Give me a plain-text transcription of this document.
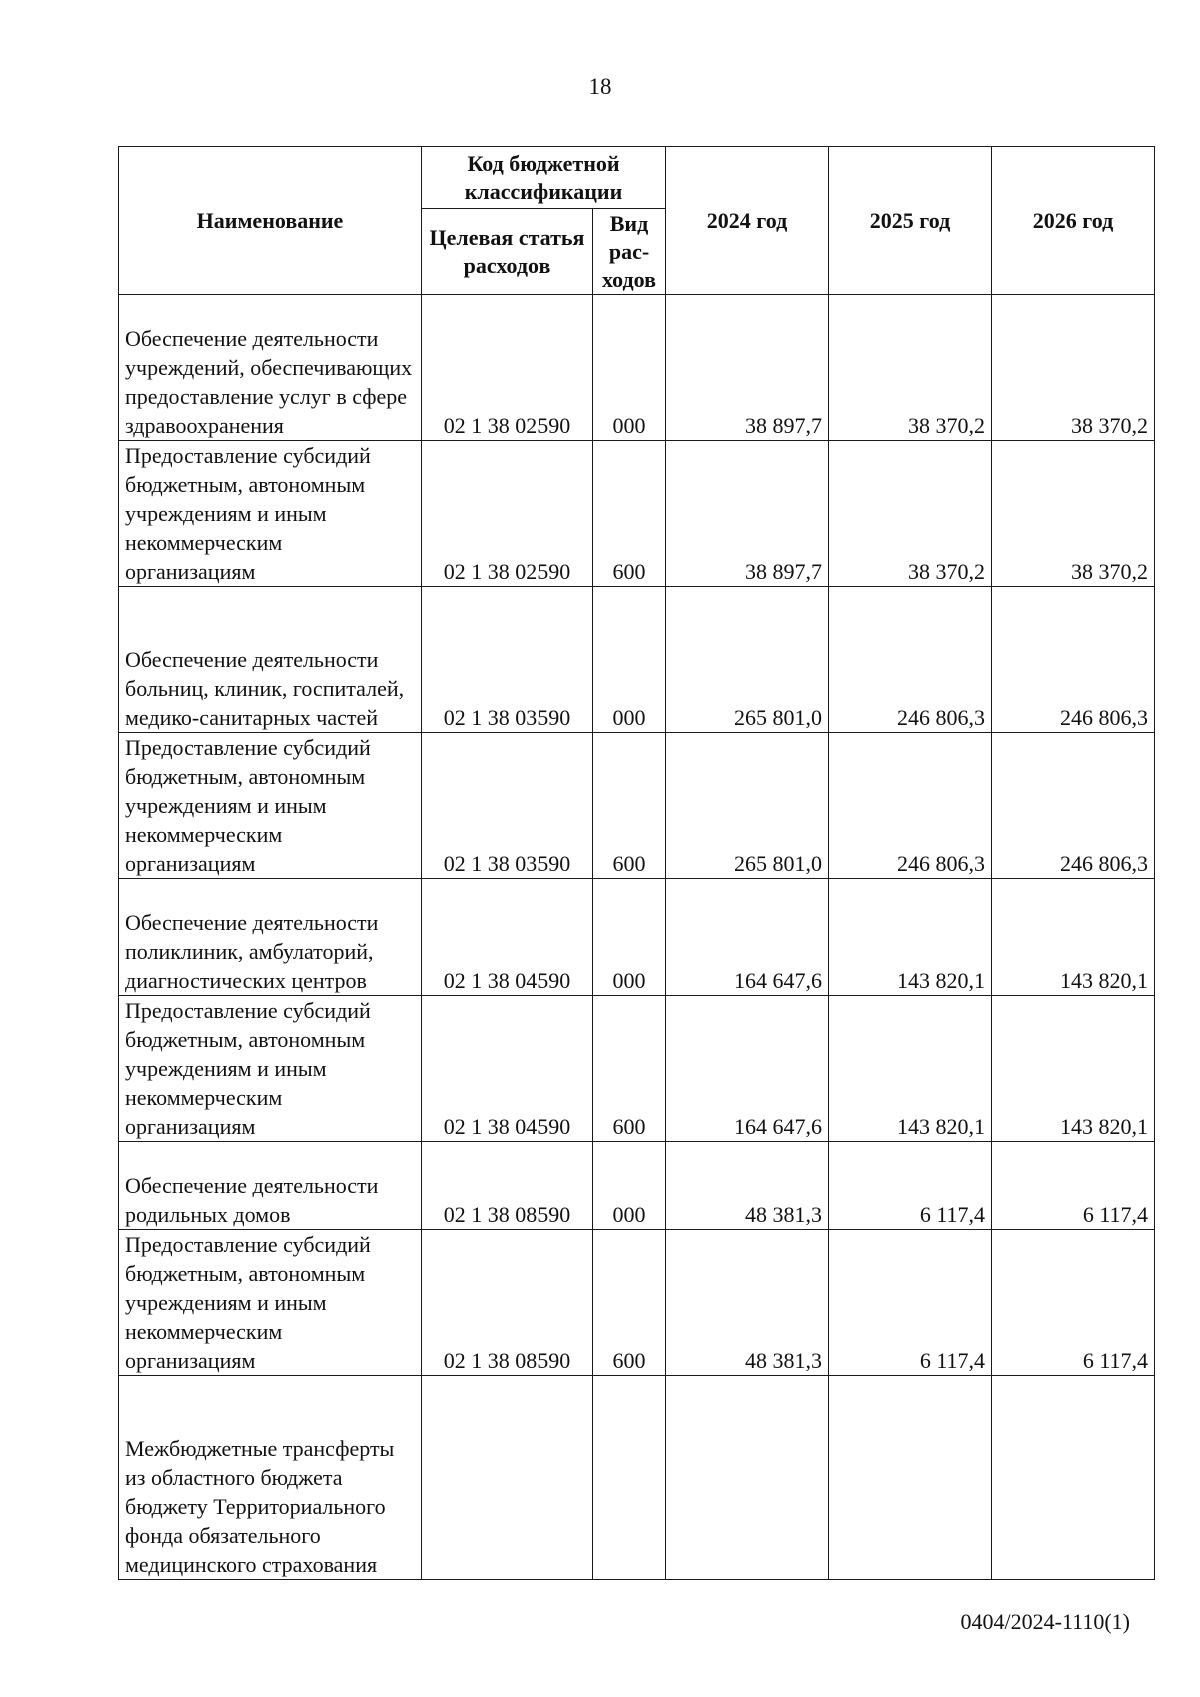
18
Наименование	Код бюджетной классификации		2024 год	2025 год	2026 год
	Целевая статья расходов	Вид рас-ходов			
Обеспечение деятельности учреждений, обеспечивающих предоставление услуг в сфере здравоохранения	02 1 38 02590	000	38 897,7	38 370,2	38 370,2
Предоставление субсидий бюджетным, автономным учреждениям и иным некоммерческим организациям	02 1 38 02590	600	38 897,7	38 370,2	38 370,2
Обеспечение деятельности больниц, клиник, госпиталей, медико-санитарных частей	02 1 38 03590	000	265 801,0	246 806,3	246 806,3
Предоставление субсидий бюджетным, автономным учреждениям и иным некоммерческим организациям	02 1 38 03590	600	265 801,0	246 806,3	246 806,3
Обеспечение деятельности поликлиник, амбулаторий, диагностических центров	02 1 38 04590	000	164 647,6	143 820,1	143 820,1
Предоставление субсидий бюджетным, автономным учреждениям и иным некоммерческим организациям	02 1 38 04590	600	164 647,6	143 820,1	143 820,1
Обеспечение деятельности родильных домов	02 1 38 08590	000	48 381,3	6 117,4	6 117,4
Предоставление субсидий бюджетным, автономным учреждениям и иным некоммерческим организациям	02 1 38 08590	600	48 381,3	6 117,4	6 117,4
Межбюджетные трансферты из областного бюджета бюджету Территориального фонда обязательного медицинского страхования					
0404/2024-1110(1)
